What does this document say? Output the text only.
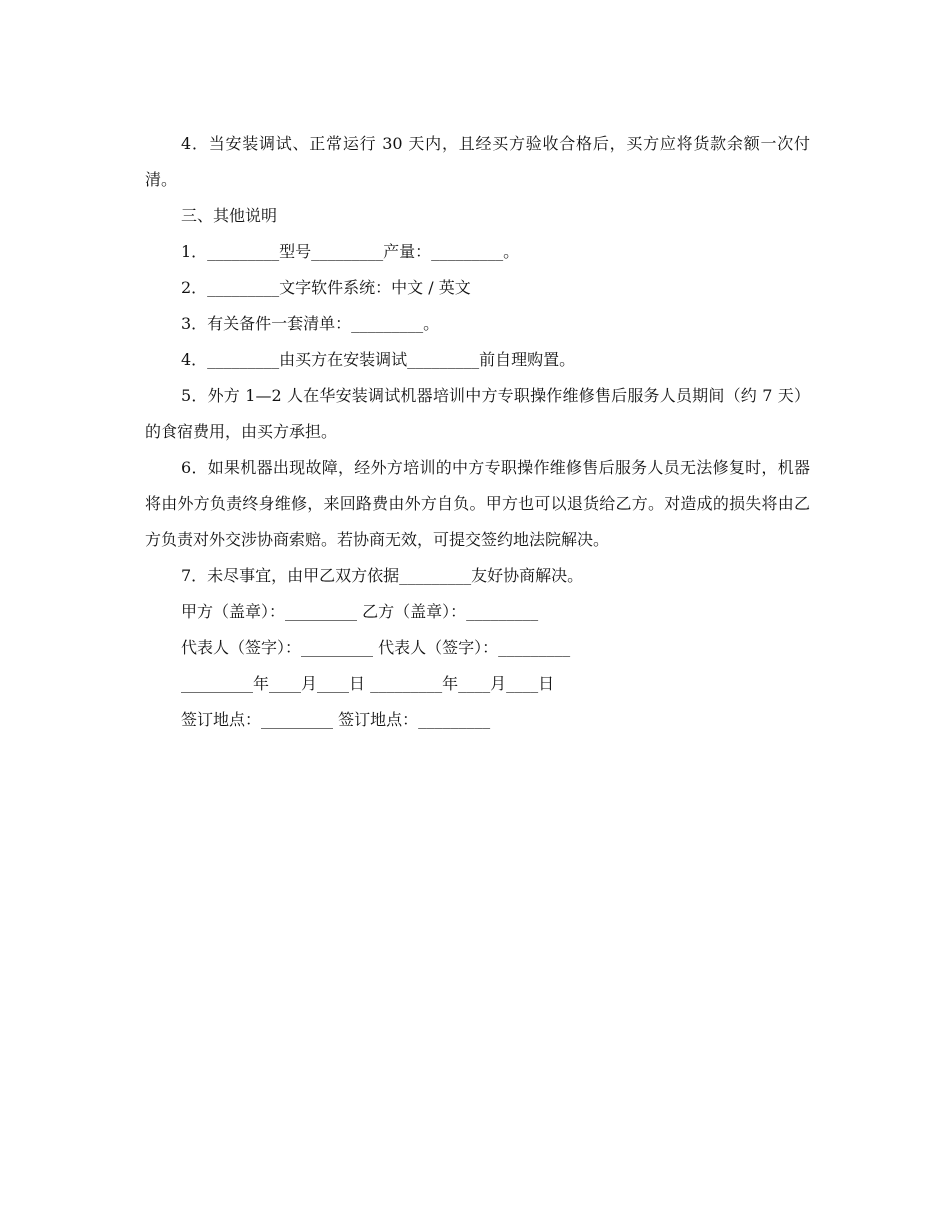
4．当安装调试、正常运行 30 天内，且经买方验收合格后，买方应将货款余额一次付清。

三、其他说明

1．_________型号_________产量：_________。

2．_________文字软件系统：中文 / 英文

3．有关备件一套清单：_________。

4．_________由买方在安装调试_________前自理购置。

5．外方 1—2 人在华安装调试机器培训中方专职操作维修售后服务人员期间（约 7 天）的食宿费用，由买方承担。

6．如果机器出现故障，经外方培训的中方专职操作维修售后服务人员无法修复时，机器将由外方负责终身维修，来回路费由外方自负。甲方也可以退货给乙方。对造成的损失将由乙方负责对外交涉协商索赔。若协商无效，可提交签约地法院解决。

7．未尽事宜，由甲乙双方依据_________友好协商解决。

甲方（盖章）：_________ 乙方（盖章）：_________

代表人（签字）：_________ 代表人（签字）：_________

_________年____月____日 _________年____月____日

签订地点：_________ 签订地点：_________
